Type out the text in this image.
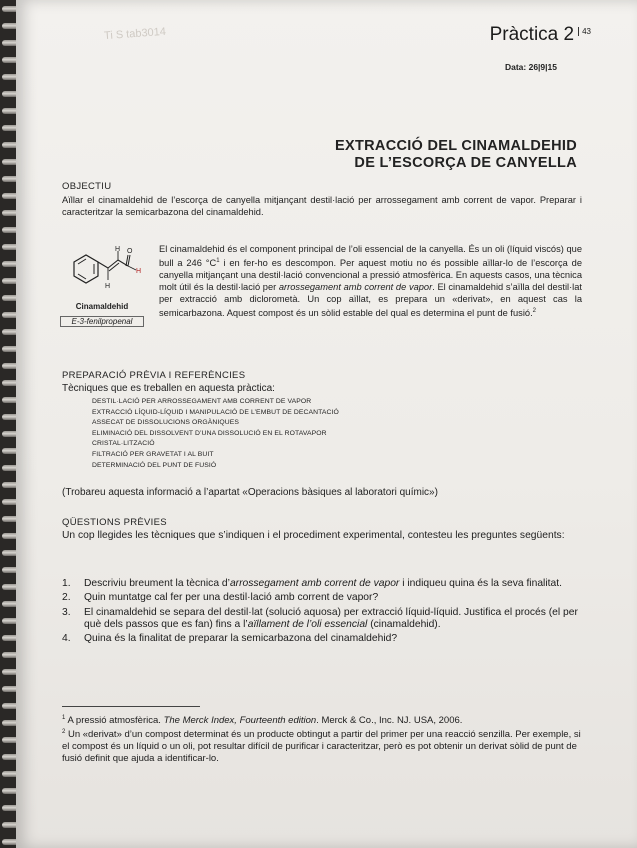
Ti S tab3014	Pràctica 2 $^{43}$
Data: 26|9|15
EXTRACCIÓ DEL CINAMALDEHID
DE L’ESCORÇA DE CANYELLA
OBJECTIU
Aïllar el cinamaldehid de l’escorça de canyella mitjançant destil·lació per arrossegament amb corrent de vapor. Preparar i caracteritzar la semicarbazona del cinamaldehid.
H O
H
H
Cinamaldehid
E-3-fenilpropenal
El cinamaldehid és el component principal de l’oli essencial de la canyella. És un oli (líquid viscós) que bull a 246 $^\circ C^1$ i en fer-ho es descompon. Per aquest motiu no és possible aïllar-lo de l’escorça de canyella mitjançant una destil·lació convencional a pressió atmosfèrica. En aquests casos, una tècnica molt útil és la destil·lació per arrossegament amb corrent de vapor. El cinamaldehid s’aïlla del destil·lat per extracció amb diclorometà. Un cop aïllat, es prepara un «derivat», en aquest cas la semicarbazona. Aquest compost és un sòlid estable del qual es determina el punt de fusió.$^2$
PREPARACIÓ PRÈVIA I REFERÈNCIES
Tècniques que es treballen en aquesta pràctica:
DESTIL·LACIÓ PER ARROSSEGAMENT AMB CORRENT DE VAPOR
EXTRACCIÓ LÍQUID-LÍQUID I MANIPULACIÓ DE L’EMBUT DE DECANTACIÓ
ASSECAT DE DISSOLUCIONS ORGÀNIQUES
ELIMINACIÓ DEL DISSOLVENT D’UNA DISSOLUCIÓ EN EL ROTAVAPOR
CRISTAL·LITZACIÓ
FILTRACIÓ PER GRAVETAT I AL BUIT
DETERMINACIÓ DEL PUNT DE FUSIÓ
(Trobareu aquesta informació a l’apartat «Operacions bàsiques al laboratori químic»)
QÜESTIONS PRÈVIES
Un cop llegides les tècniques que s’indiquen i el procediment experimental, contesteu les preguntes següents:
1. Descriviu breument la tècnica d’arrossegament amb corrent de vapor i indiqueu quina és la seva finalitat.
2. Quin muntatge cal fer per una destil·lació amb corrent de vapor?
3. El cinamaldehid se separa del destil·lat (solució aquosa) per extracció líquid-líquid. Justifica el procés (el per què dels passos que es fan) fins a l’aïllament de l’oli essencial (cinamaldehid).
4. Quina és la finalitat de preparar la semicarbazona del cinamaldehid?
$^1$ A pressió atmosfèrica. The Merck Index, Fourteenth edition. Merck & Co., Inc. NJ. USA, 2006.
$^2$ Un «derivat» d’un compost determinat és un producte obtingut a partir del primer per una reacció senzilla. Per exemple, si el compost és un líquid o un oli, pot resultar difícil de purificar i caracteritzar, però es pot obtenir un derivat sòlid de punt de fusió definit que ajuda a identificar-lo.
